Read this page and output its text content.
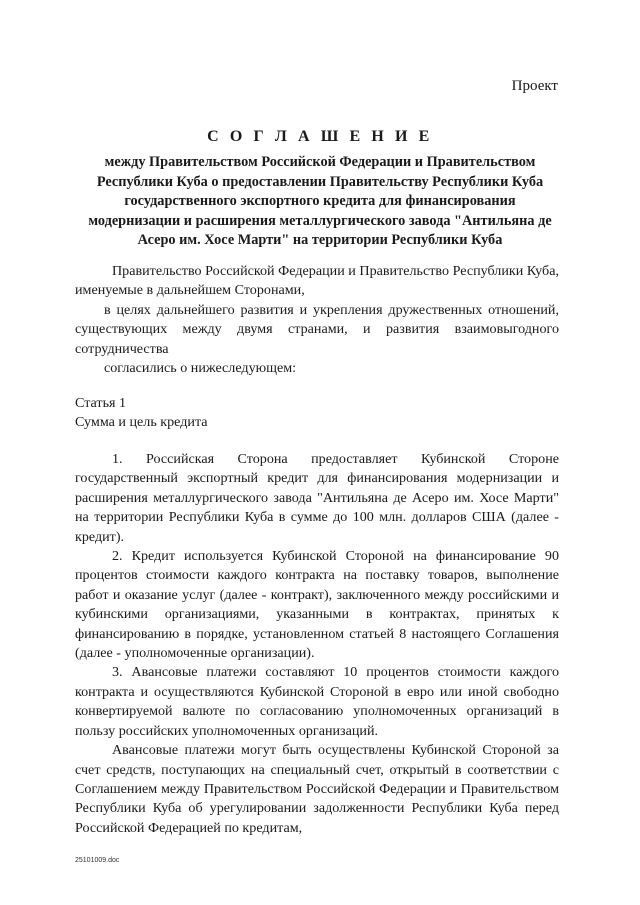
Проект
С О Г Л А Ш Е Н И Е
между Правительством Российской Федерации и Правительством Республики Куба о предоставлении Правительству Республики Куба государственного экспортного кредита для финансирования модернизации и расширения металлургического завода "Антильяна де Асеро им. Хосе Марти" на территории Республики Куба

Правительство Российской Федерации и Правительство Республики Куба, именуемые в дальнейшем Сторонами,

в целях дальнейшего развития и укрепления дружественных отношений, существующих между двумя странами, и развития взаимовыгодного сотрудничества

согласились о нижеследующем:

Статья 1

Сумма и цель кредита

1. Российская Сторона предоставляет Кубинской Стороне государственный экспортный кредит для финансирования модернизации и расширения металлургического завода "Антильяна де Асеро им. Хосе Марти" на территории Республики Куба в сумме до 100 млн. долларов США (далее - кредит).

2. Кредит используется Кубинской Стороной на финансирование 90 процентов стоимости каждого контракта на поставку товаров, выполнение работ и оказание услуг (далее - контракт), заключенного между российскими и кубинскими организациями, указанными в контрактах, принятых к финансированию в порядке, установленном статьей 8 настоящего Соглашения (далее - уполномоченные организации).

3. Авансовые платежи составляют 10 процентов стоимости каждого контракта и осуществляются Кубинской Стороной в евро или иной свободно конвертируемой валюте по согласованию уполномоченных организаций в пользу российских уполномоченных организаций.

Авансовые платежи могут быть осуществлены Кубинской Стороной за счет средств, поступающих на специальный счет, открытый в соответствии с Соглашением между Правительством Российской Федерации и Правительством Республики Куба об урегулировании задолженности Республики Куба перед Российской Федерацией по кредитам,

25101009.doc
